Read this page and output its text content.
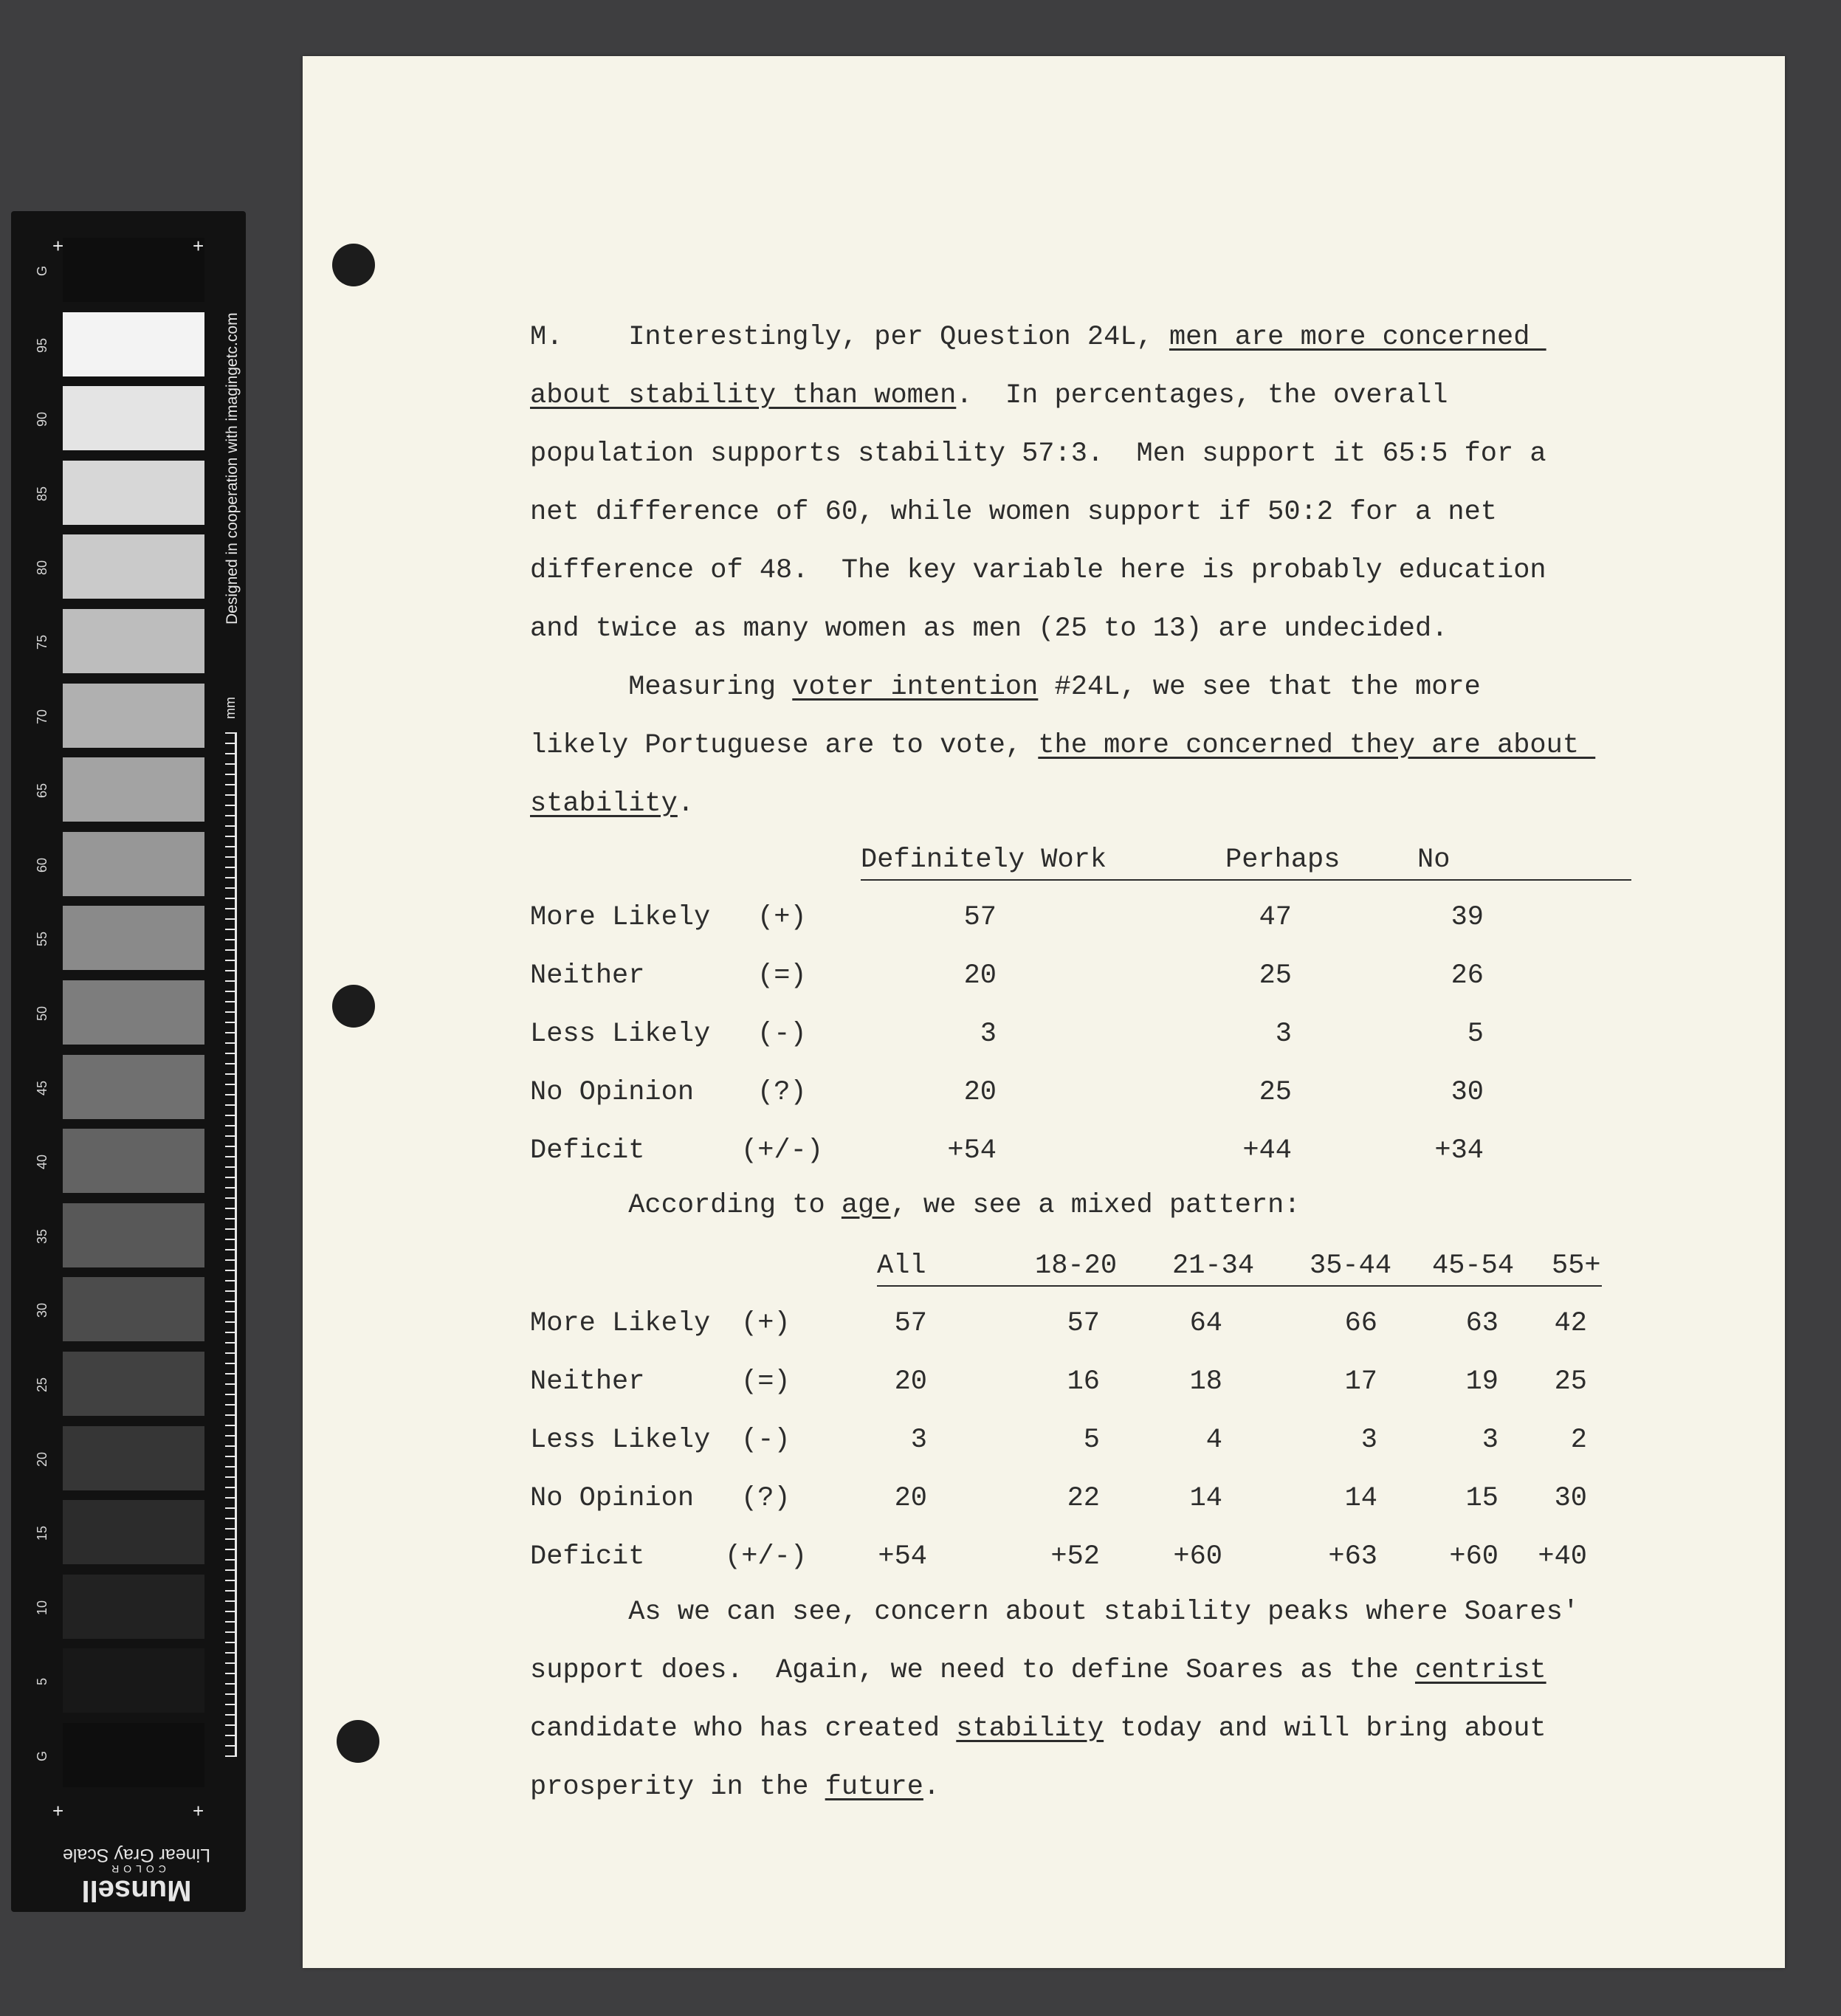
G
95
90
85
80
75
70
65
60
55
50
45
40
35
30
25
20
15
10
5
G
+	+
+	+
Designed in cooperation with imagingetc.com
mm
Linear Gray Scale
COLOR
Munsell
M.    Interestingly, per Question 24L, men are more concerned
about stability than women.  In percentages, the overall
population supports stability 57:3.  Men support it 65:5 for a
net difference of 60, while women support if 50:2 for a net
difference of 48.  The key variable here is probably education
and twice as many women as men (25 to 13) are undecided.
Measuring voter intention #24L, we see that the more
likely Portuguese are to vote, the more concerned they are about
stability.
According to age, we see a mixed pattern:
As we can see, concern about stability peaks where Soares'
support does.  Again, we need to define Soares as the centrist
candidate who has created stability today and will bring about
prosperity in the future.
Definitely Work	Perhaps	No
More Likely (+)	57	47	39
Neither	(=)	20	25	26
Less Likely (-)	3	3	5
No Opinion (?)	20	25	30
Deficit	(+/-)	+54	+44	+34
All	18-20 21-34 35-44 45-54 55+
More Likely (+)	57	57	64	66	63	42
Neither	(=)	20	16	18	17	19	25
Less Likely (-)	3	5	4	3	3	2
No Opinion (?)	20	22	14	14	15	30
Deficit	(+/-)	+54	+52	+60	+63	+60	+40
